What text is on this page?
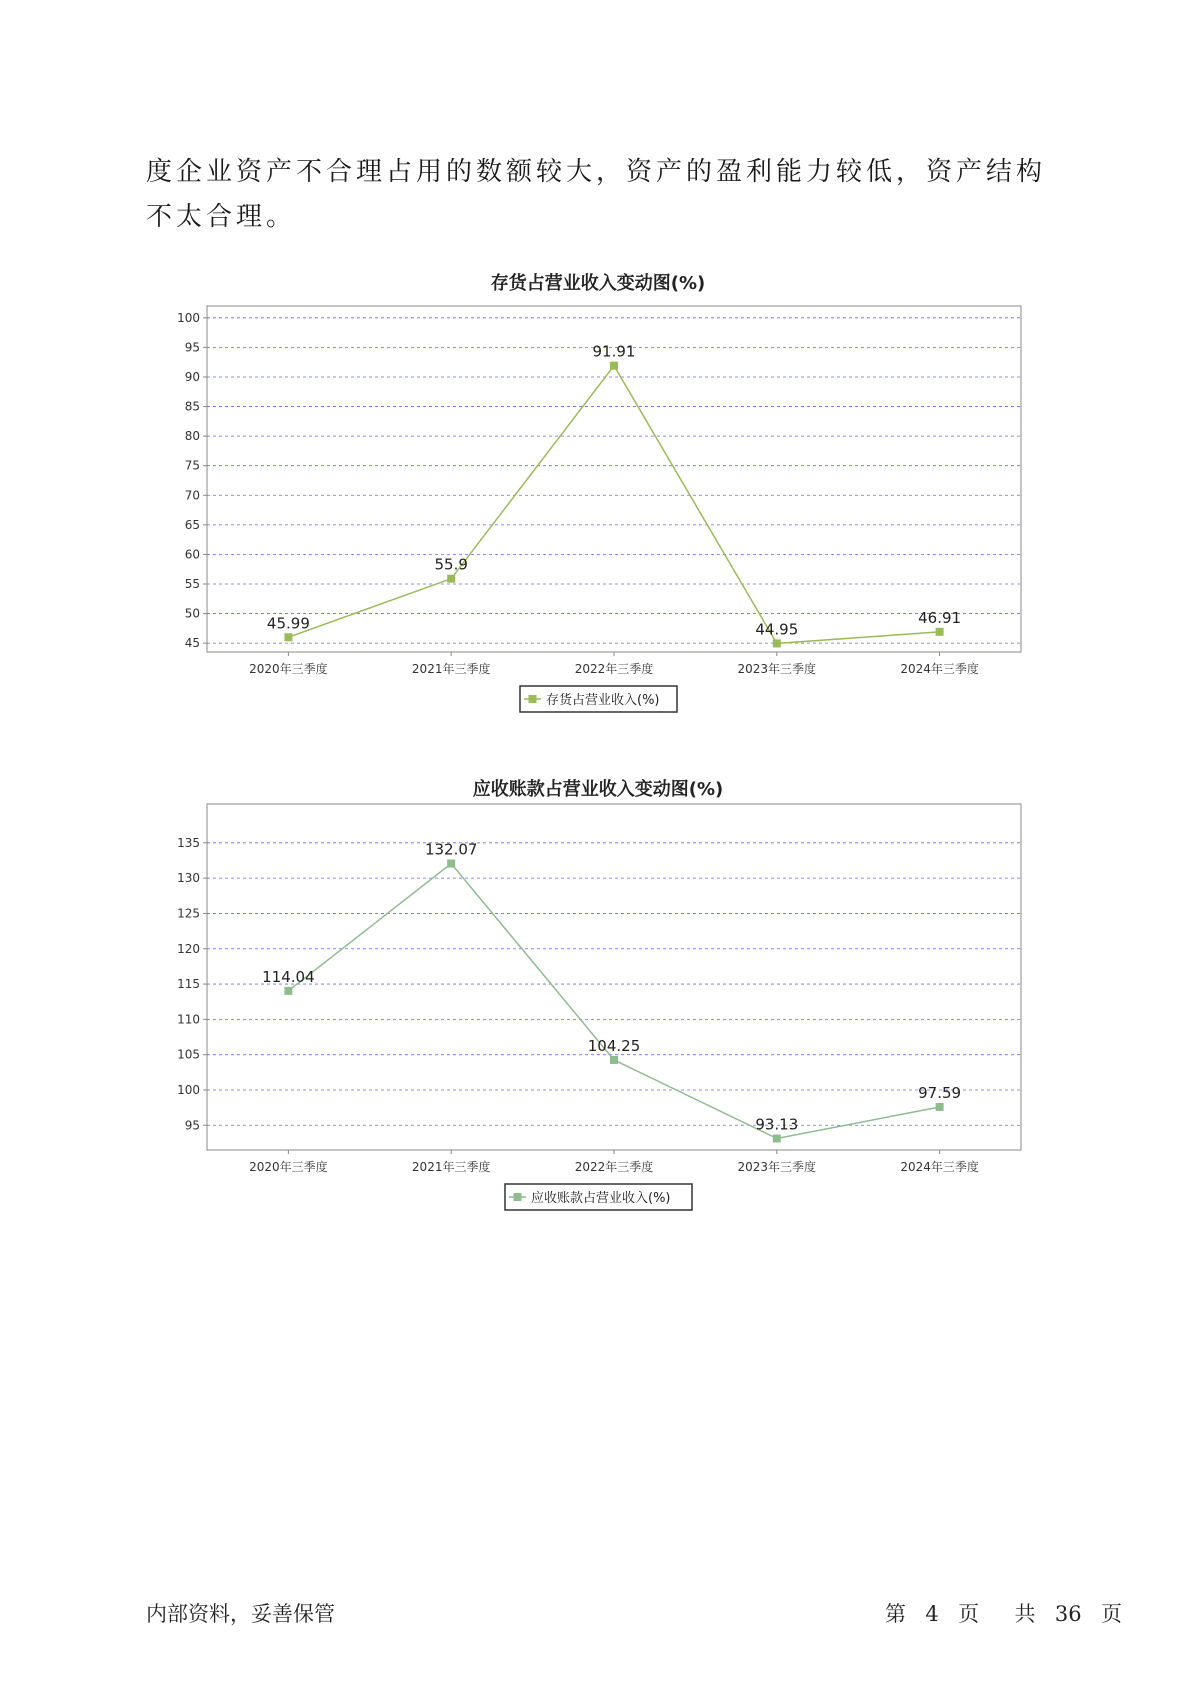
度企业资产不合理占用的数额较大，资产的盈利能力较低，资产结构不太合理。

存货占营业收入变动图(%)
45
50
55
60
65
70
75
80
85
90
95
100
2020年三季度	2021年三季度	2022年三季度	2023年三季度	2024年三季度
45.99
55.9
91.91
44.95
46.91
存货占营业收入(%)
应收账款占营业收入变动图(%)
95
100
105
110
115
120
125
130
135
2020年三季度	2021年三季度	2022年三季度	2023年三季度	2024年三季度
114.04
132.07
104.25
93.13
97.59
应收账款占营业收入(%)
内部资料，妥善保管	第 4 页 共 36 页
